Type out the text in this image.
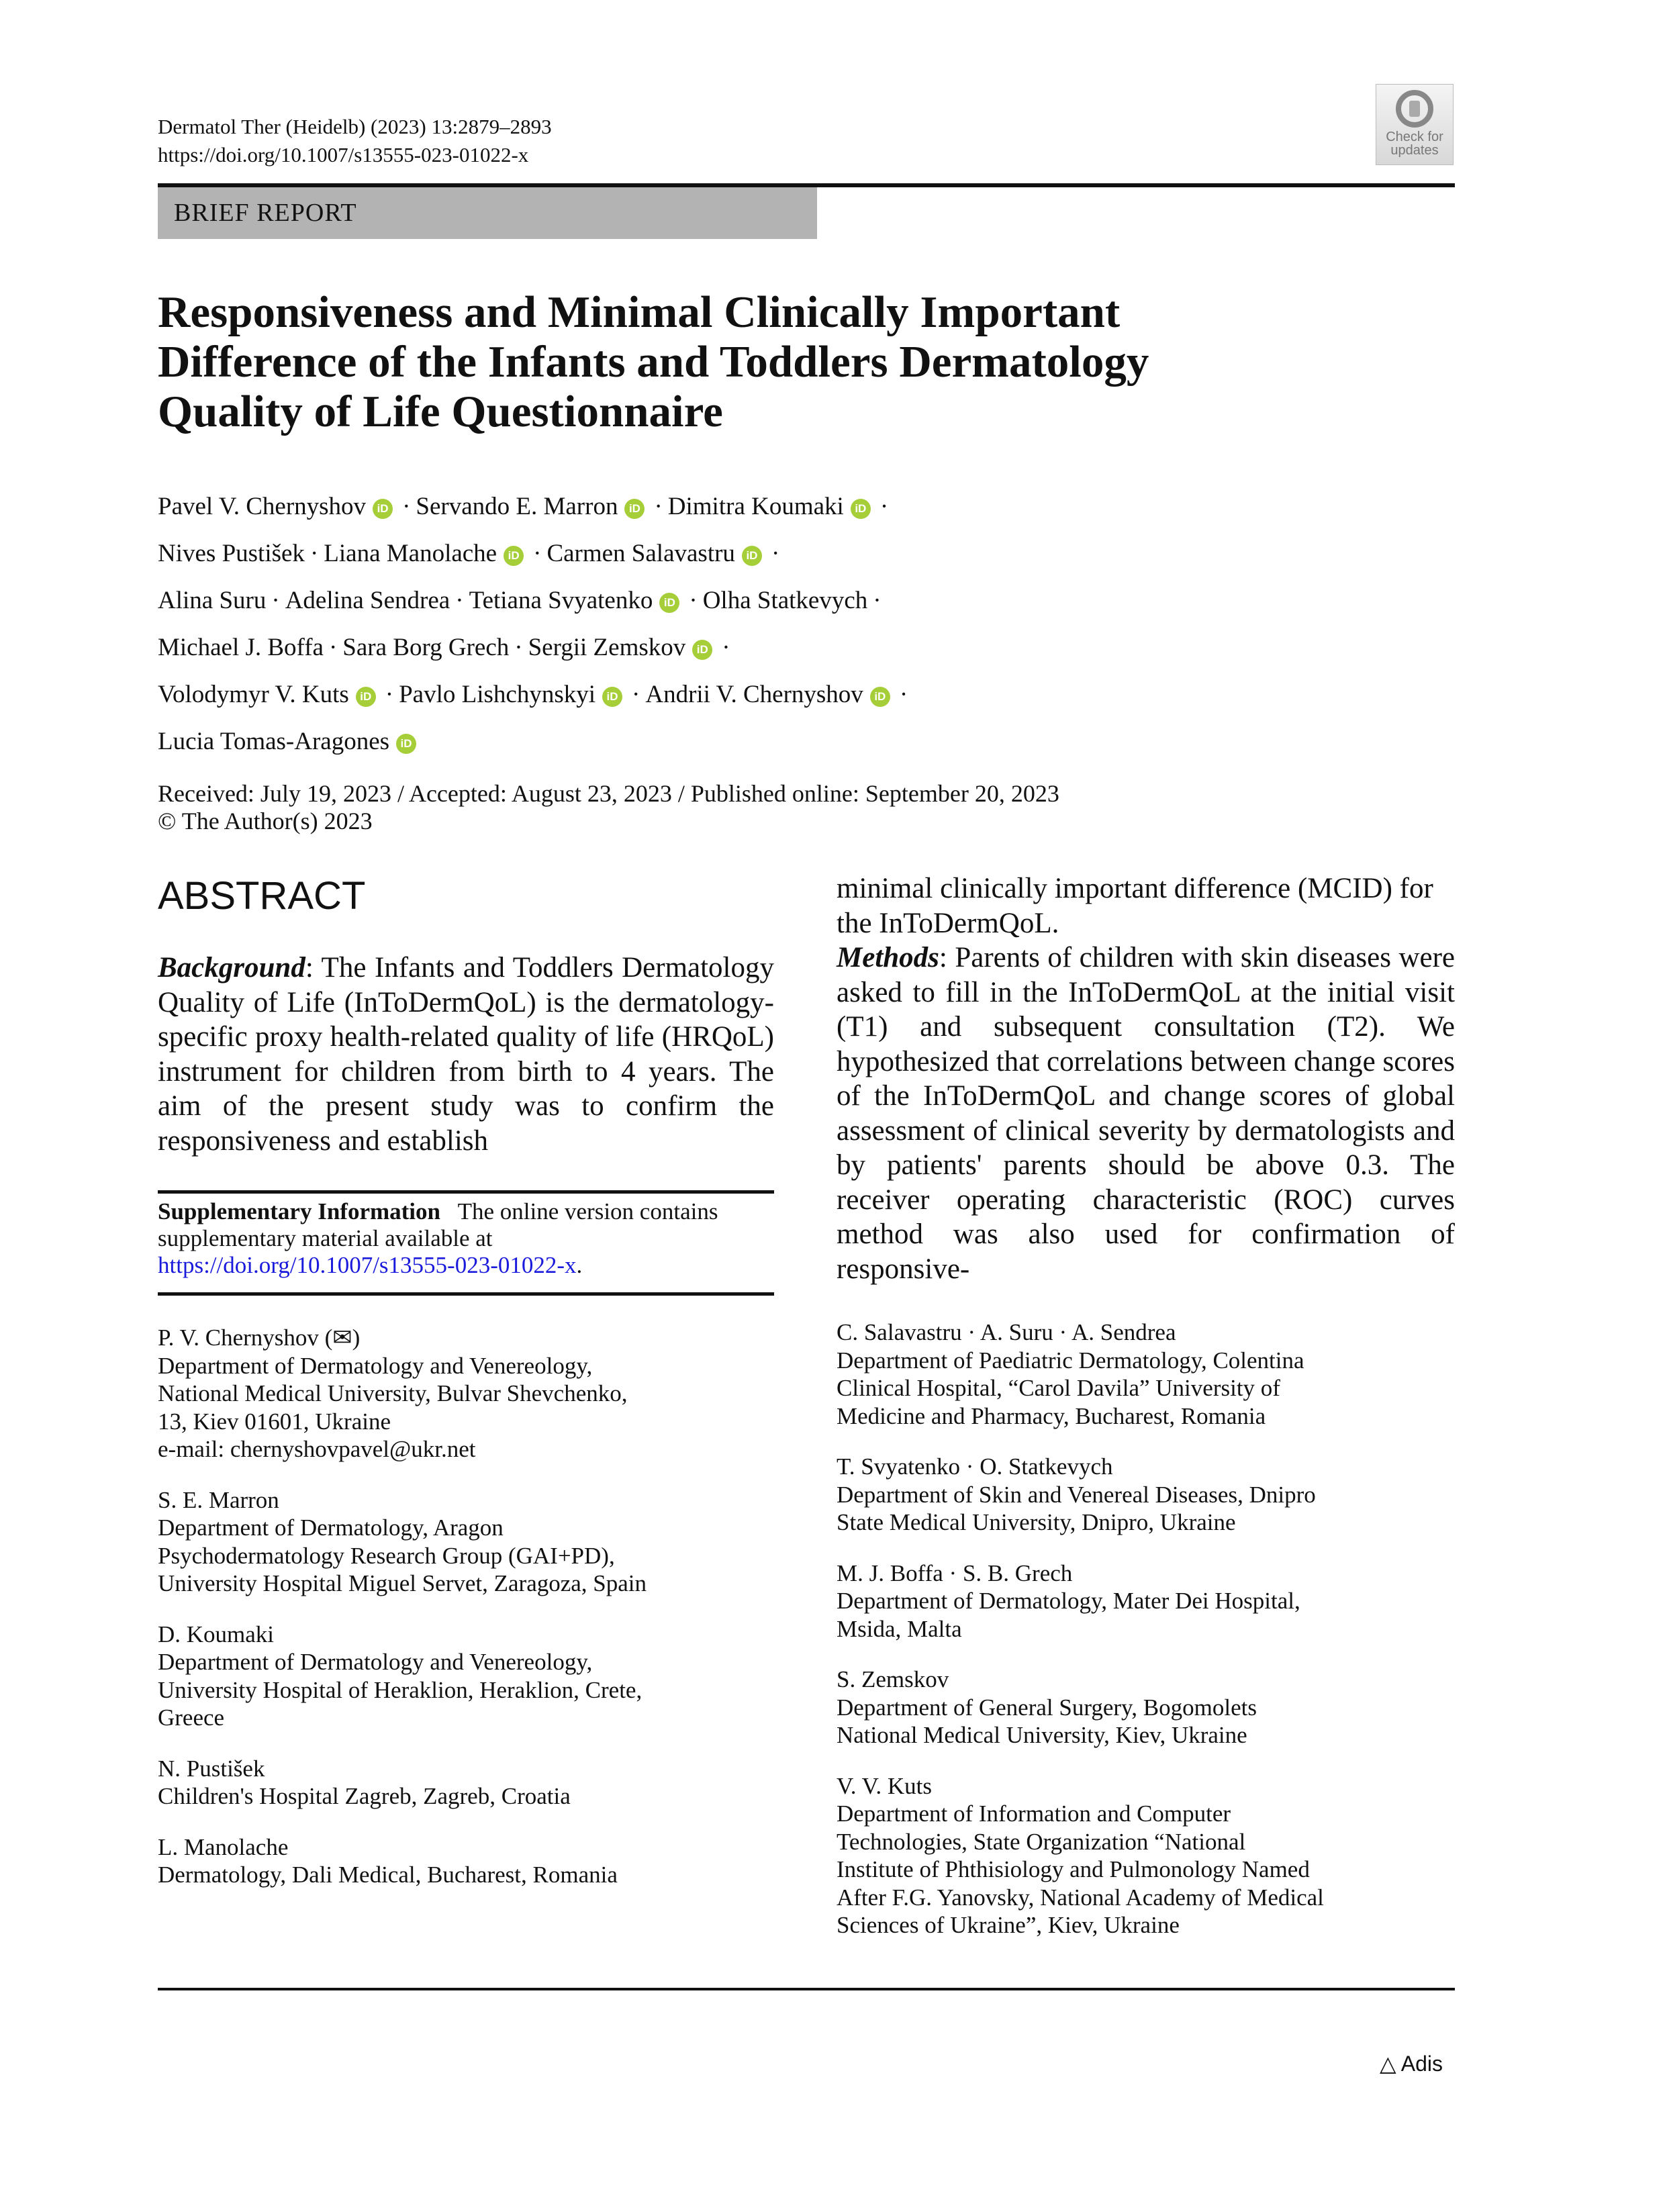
Dermatol Ther (Heidelb) (2023) 13:2879–2893
https://doi.org/10.1007/s13555-023-01022-x
Check for
updates
BRIEF REPORT
Responsiveness and Minimal Clinically Important
Difference of the Infants and Toddlers Dermatology
Quality of Life Questionnaire
Pavel V. Chernyshov iD · Servando E. Marron iD · Dimitra Koumaki iD ·
Nives Pustišek · Liana Manolache iD · Carmen Salavastru iD ·
Alina Suru · Adelina Sendrea · Tetiana Svyatenko iD · Olha Statkevych ·
Michael J. Boffa · Sara Borg Grech · Sergii Zemskov iD ·
Volodymyr V. Kuts iD · Pavlo Lishchynskyi iD · Andrii V. Chernyshov iD ·
Lucia Tomas-Aragones iD
Received: July 19, 2023 / Accepted: August 23, 2023 / Published online: September 20, 2023
© The Author(s) 2023
ABSTRACT
Background: The Infants and Toddlers Dermatology Quality of Life (InToDermQoL) is the dermatology-specific proxy health-related quality of life (HRQoL) instrument for children from birth to 4 years. The aim of the present study was to confirm the responsiveness and establish
minimal clinically important difference (MCID) for the InToDermQoL.
Methods: Parents of children with skin diseases were asked to fill in the InToDermQoL at the initial visit (T1) and subsequent consultation (T2). We hypothesized that correlations between change scores of the InToDermQoL and change scores of global assessment of clinical severity by dermatologists and by patients' parents should be above 0.3. The receiver operating characteristic (ROC) curves method was also used for confirmation of responsive-
Supplementary Information The online version contains supplementary material available at https://doi.org/10.1007/s13555-023-01022-x.
P. V. Chernyshov (✉)
Department of Dermatology and Venereology,
National Medical University, Bulvar Shevchenko,
13, Kiev 01601, Ukraine
e-mail: chernyshovpavel@ukr.net
S. E. Marron
Department of Dermatology, Aragon
Psychodermatology Research Group (GAI+PD),
University Hospital Miguel Servet, Zaragoza, Spain
D. Koumaki
Department of Dermatology and Venereology,
University Hospital of Heraklion, Heraklion, Crete,
Greece
N. Pustišek
Children's Hospital Zagreb, Zagreb, Croatia
L. Manolache
Dermatology, Dali Medical, Bucharest, Romania
C. Salavastru · A. Suru · A. Sendrea
Department of Paediatric Dermatology, Colentina
Clinical Hospital, “Carol Davila” University of
Medicine and Pharmacy, Bucharest, Romania
T. Svyatenko · O. Statkevych
Department of Skin and Venereal Diseases, Dnipro
State Medical University, Dnipro, Ukraine
M. J. Boffa · S. B. Grech
Department of Dermatology, Mater Dei Hospital,
Msida, Malta
S. Zemskov
Department of General Surgery, Bogomolets
National Medical University, Kiev, Ukraine
V. V. Kuts
Department of Information and Computer
Technologies, State Organization “National
Institute of Phthisiology and Pulmonology Named
After F.G. Yanovsky, National Academy of Medical
Sciences of Ukraine”, Kiev, Ukraine
△ Adis
